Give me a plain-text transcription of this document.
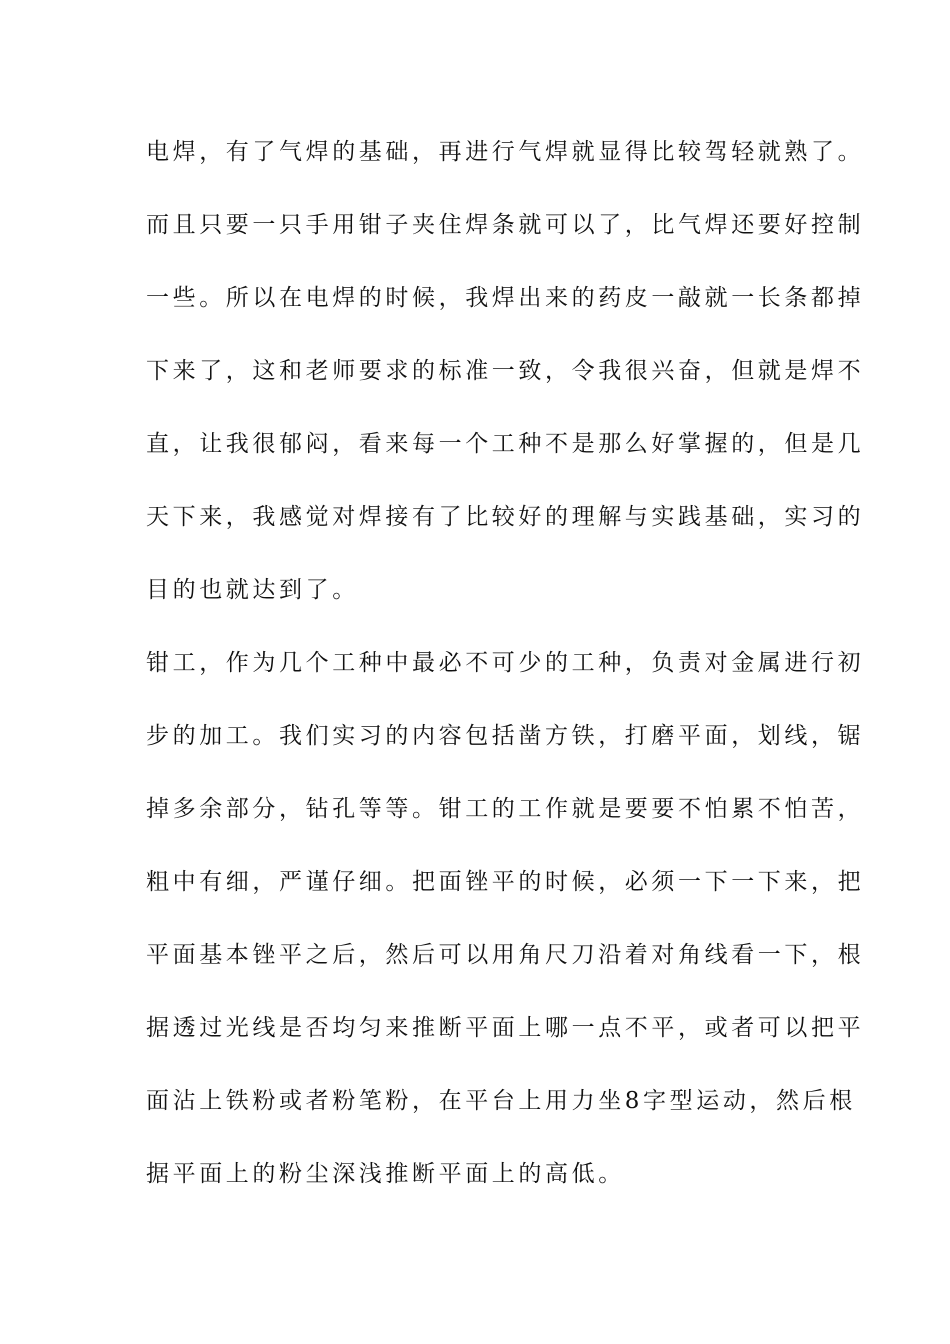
电焊，有了气焊的基础，再进行气焊就显得比较驾轻就熟了。
而且只要一只手用钳子夹住焊条就可以了，比气焊还要好控制
一些。所以在电焊的时候，我焊出来的药皮一敲就一长条都掉
下来了，这和老师要求的标准一致，令我很兴奋，但就是焊不
直，让我很郁闷，看来每一个工种不是那么好掌握的，但是几
天下来，我感觉对焊接有了比较好的理解与实践基础，实习的
目的也就达到了。
钳工，作为几个工种中最必不可少的工种，负责对金属进行初
步的加工。我们实习的内容包括凿方铁，打磨平面，划线，锯
掉多余部分，钻孔等等。钳工的工作就是要要不怕累不怕苦，
粗中有细，严谨仔细。把面锉平的时候，必须一下一下来，把
平面基本锉平之后，然后可以用角尺刀沿着对角线看一下，根
据透过光线是否均匀来推断平面上哪一点不平，或者可以把平
面沾上铁粉或者粉笔粉，在平台上用力坐8字型运动，然后根
据平面上的粉尘深浅推断平面上的高低。
